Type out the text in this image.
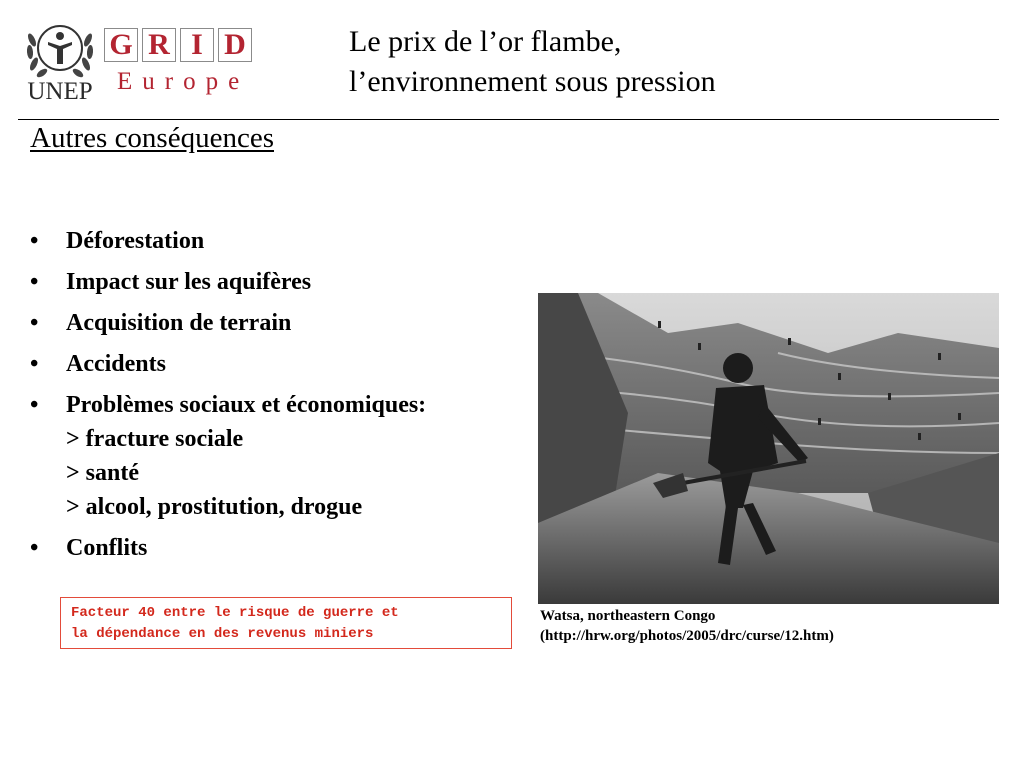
UNEP
G R I D
Europe
Le prix de l’or flambe,
l’environnement sous pression
Autres conséquences
• Déforestation
• Impact sur les aquifères
• Acquisition de terrain
• Accidents
• Problèmes sociaux et économiques:
> fracture sociale
> santé
> alcool, prostitution, drogue
• Conflits
Watsa, northeastern Congo
(http://hrw.org/photos/2005/drc/curse/12.htm)
Facteur 40 entre le risque de guerre et
la dépendance en des revenus miniers
